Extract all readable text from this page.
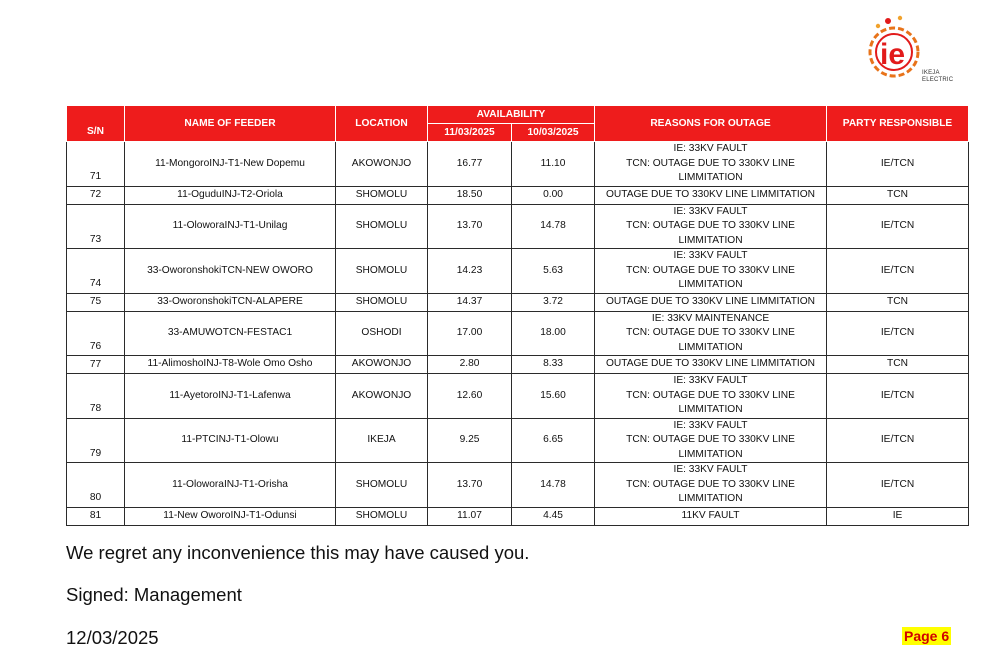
ie
IKEJA
ELECTRIC
S/N	NAME OF FEEDER	LOCATION	AVAILABILITY		REASONS FOR OUTAGE	PARTY RESPONSIBLE
			11/03/2025	10/03/2025		
71	11-MongoroINJ-T1-New Dopemu	AKOWONJO	16.77	11.10	IE: 33KV FAULT
TCN: OUTAGE DUE TO 330KV LINE
LIMMITATION	IE/TCN
72	11-OguduINJ-T2-Oriola	SHOMOLU	18.50	0.00	OUTAGE DUE TO 330KV LINE LIMMITATION	TCN
73	11-OloworaINJ-T1-Unilag	SHOMOLU	13.70	14.78	IE: 33KV FAULT
TCN: OUTAGE DUE TO 330KV LINE
LIMMITATION	IE/TCN
74	33-OworonshokiTCN-NEW OWORO	SHOMOLU	14.23	5.63	IE: 33KV FAULT
TCN: OUTAGE DUE TO 330KV LINE
LIMMITATION	IE/TCN
75	33-OworonshokiTCN-ALAPERE	SHOMOLU	14.37	3.72	OUTAGE DUE TO 330KV LINE LIMMITATION	TCN
76	33-AMUWOTCN-FESTAC1	OSHODI	17.00	18.00	IE: 33KV MAINTENANCE
TCN: OUTAGE DUE TO 330KV LINE
LIMMITATION	IE/TCN
77	11-AlimoshoINJ-T8-Wole Omo Osho	AKOWONJO	2.80	8.33	OUTAGE DUE TO 330KV LINE LIMMITATION	TCN
78	11-AyetoroINJ-T1-Lafenwa	AKOWONJO	12.60	15.60	IE: 33KV FAULT
TCN: OUTAGE DUE TO 330KV LINE
LIMMITATION	IE/TCN
79	11-PTCINJ-T1-Olowu	IKEJA	9.25	6.65	IE: 33KV FAULT
TCN: OUTAGE DUE TO 330KV LINE
LIMMITATION	IE/TCN
80	11-OloworaINJ-T1-Orisha	SHOMOLU	13.70	14.78	IE: 33KV FAULT
TCN: OUTAGE DUE TO 330KV LINE
LIMMITATION	IE/TCN
81	11-New OworoINJ-T1-Odunsi	SHOMOLU	11.07	4.45	11KV FAULT	IE
We regret any inconvenience this may have caused you.
Signed: Management
12/03/2025	Page 6
